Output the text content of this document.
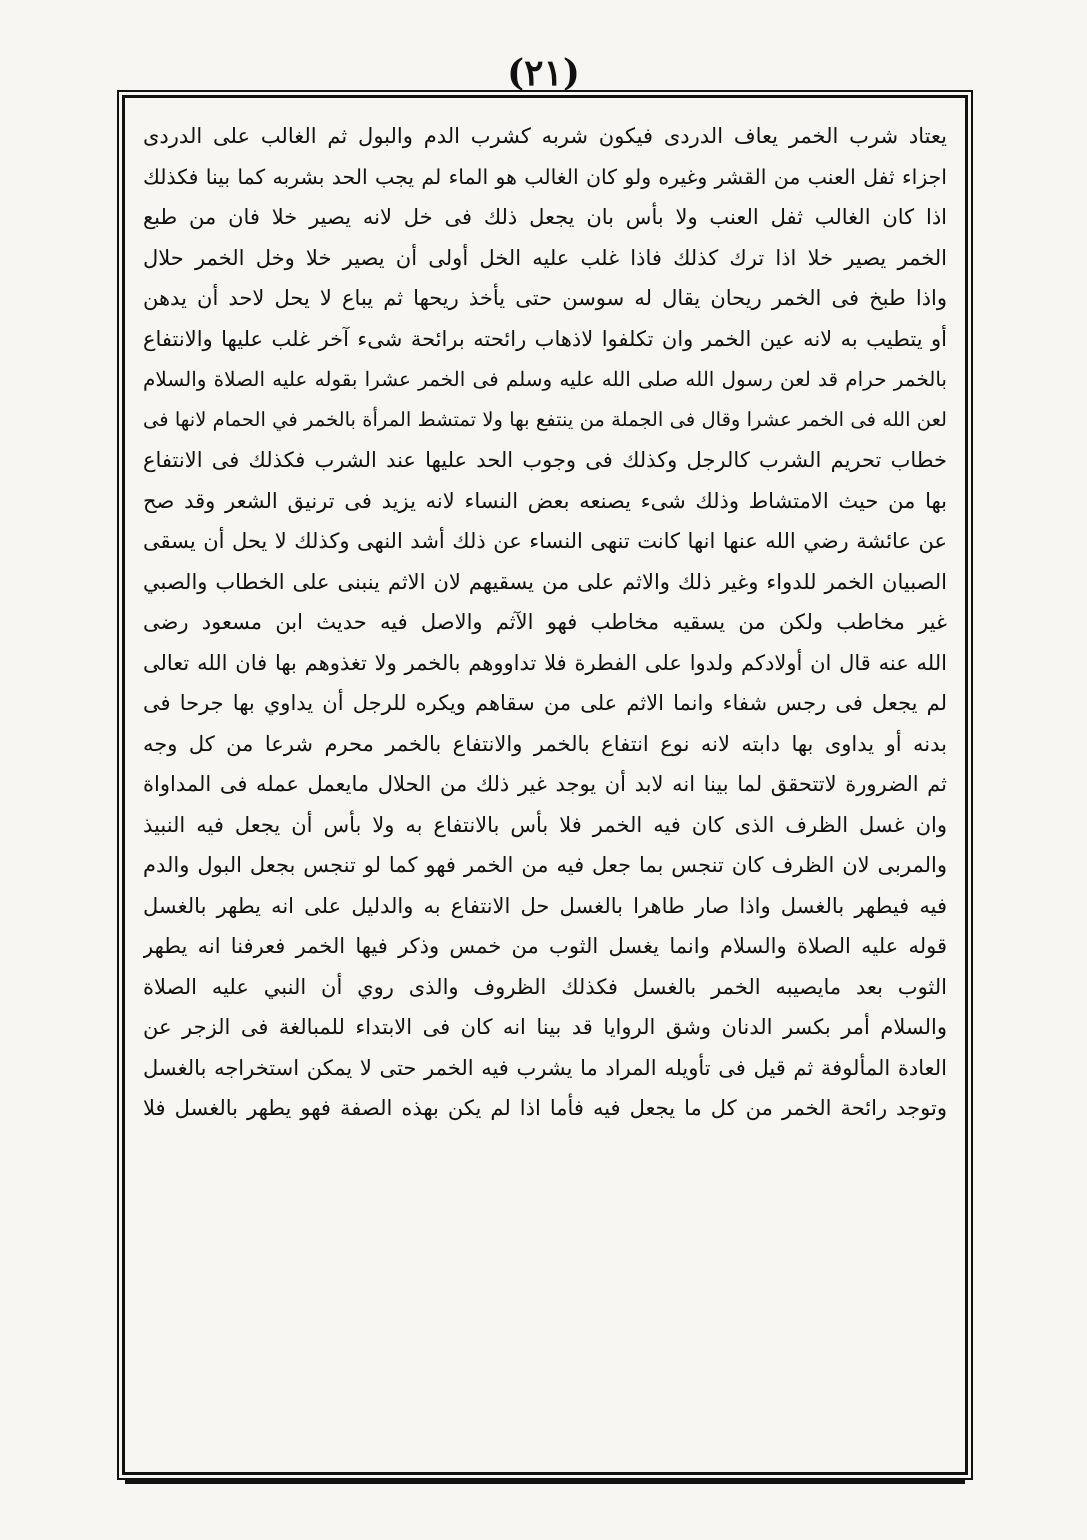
(٢١)
يعتاد شرب الخمر يعاف الدردى فيكون شربه كشرب الدم والبول ثم الغالب على الدردى
اجزاء ثفل العنب من القشر وغيره ولو كان الغالب هو الماء لم يجب الحد بشربه كما بينا فكذلك
اذا كان الغالب ثفل العنب ولا بأس بان يجعل ذلك فى خل لانه يصير خلا فان من طبع
الخمر يصير خلا اذا ترك كذلك فاذا غلب عليه الخل أولى أن يصير خلا وخل الخمر حلال
واذا طبخ فى الخمر ريحان يقال له سوسن حتى يأخذ ريحها ثم يباع لا يحل لاحد أن يدهن
أو يتطيب به لانه عين الخمر وان تكلفوا لاذهاب رائحته برائحة شىء آخر غلب عليها والانتفاع
بالخمر حرام قد لعن رسول الله صلى الله عليه وسلم فى الخمر عشرا بقوله عليه الصلاة والسلام
لعن الله فى الخمر عشرا وقال فى الجملة من ينتفع بها ولا تمتشط المرأة بالخمر في الحمام لانها فى
خطاب تحريم الشرب كالرجل وكذلك فى وجوب الحد عليها عند الشرب فكذلك فى الانتفاع
بها من حيث الامتشاط وذلك شىء يصنعه بعض النساء لانه يزيد فى ترنيق الشعر وقد صح
عن عائشة رضي الله عنها انها كانت تنهى النساء عن ذلك أشد النهى وكذلك لا يحل أن يسقى
الصبيان الخمر للدواء وغير ذلك والاثم على من يسقيهم لان الاثم ينبنى على الخطاب والصبي
غير مخاطب ولكن من يسقيه مخاطب فهو الآثم والاصل فيه حديث ابن مسعود رضى
الله عنه قال ان أولادكم ولدوا على الفطرة فلا تداووهم بالخمر ولا تغذوهم بها فان الله تعالى
لم يجعل فى رجس شفاء وانما الاثم على من سقاهم ويكره للرجل أن يداوي بها جرحا فى
بدنه أو يداوى بها دابته لانه نوع انتفاع بالخمر والانتفاع بالخمر محرم شرعا من كل وجه
ثم الضرورة لاتتحقق لما بينا انه لابد أن يوجد غير ذلك من الحلال مايعمل عمله فى المداواة
وان غسل الظرف الذى كان فيه الخمر فلا بأس بالانتفاع به ولا بأس أن يجعل فيه النبيذ
والمربى لان الظرف كان تنجس بما جعل فيه من الخمر فهو كما لو تنجس بجعل البول والدم
فيه فيطهر بالغسل واذا صار طاهرا بالغسل حل الانتفاع به والدليل على انه يطهر بالغسل
قوله عليه الصلاة والسلام وانما يغسل الثوب من خمس وذكر فيها الخمر فعرفنا انه يطهر
الثوب بعد مايصيبه الخمر بالغسل فكذلك الظروف والذى روي أن النبي عليه الصلاة
والسلام أمر بكسر الدنان وشق الروايا قد بينا انه كان فى الابتداء للمبالغة فى الزجر عن
العادة المألوفة ثم قيل فى تأويله المراد ما يشرب فيه الخمر حتى لا يمكن استخراجه بالغسل
وتوجد رائحة الخمر من كل ما يجعل فيه فأما اذا لم يكن بهذه الصفة فهو يطهر بالغسل فلا
